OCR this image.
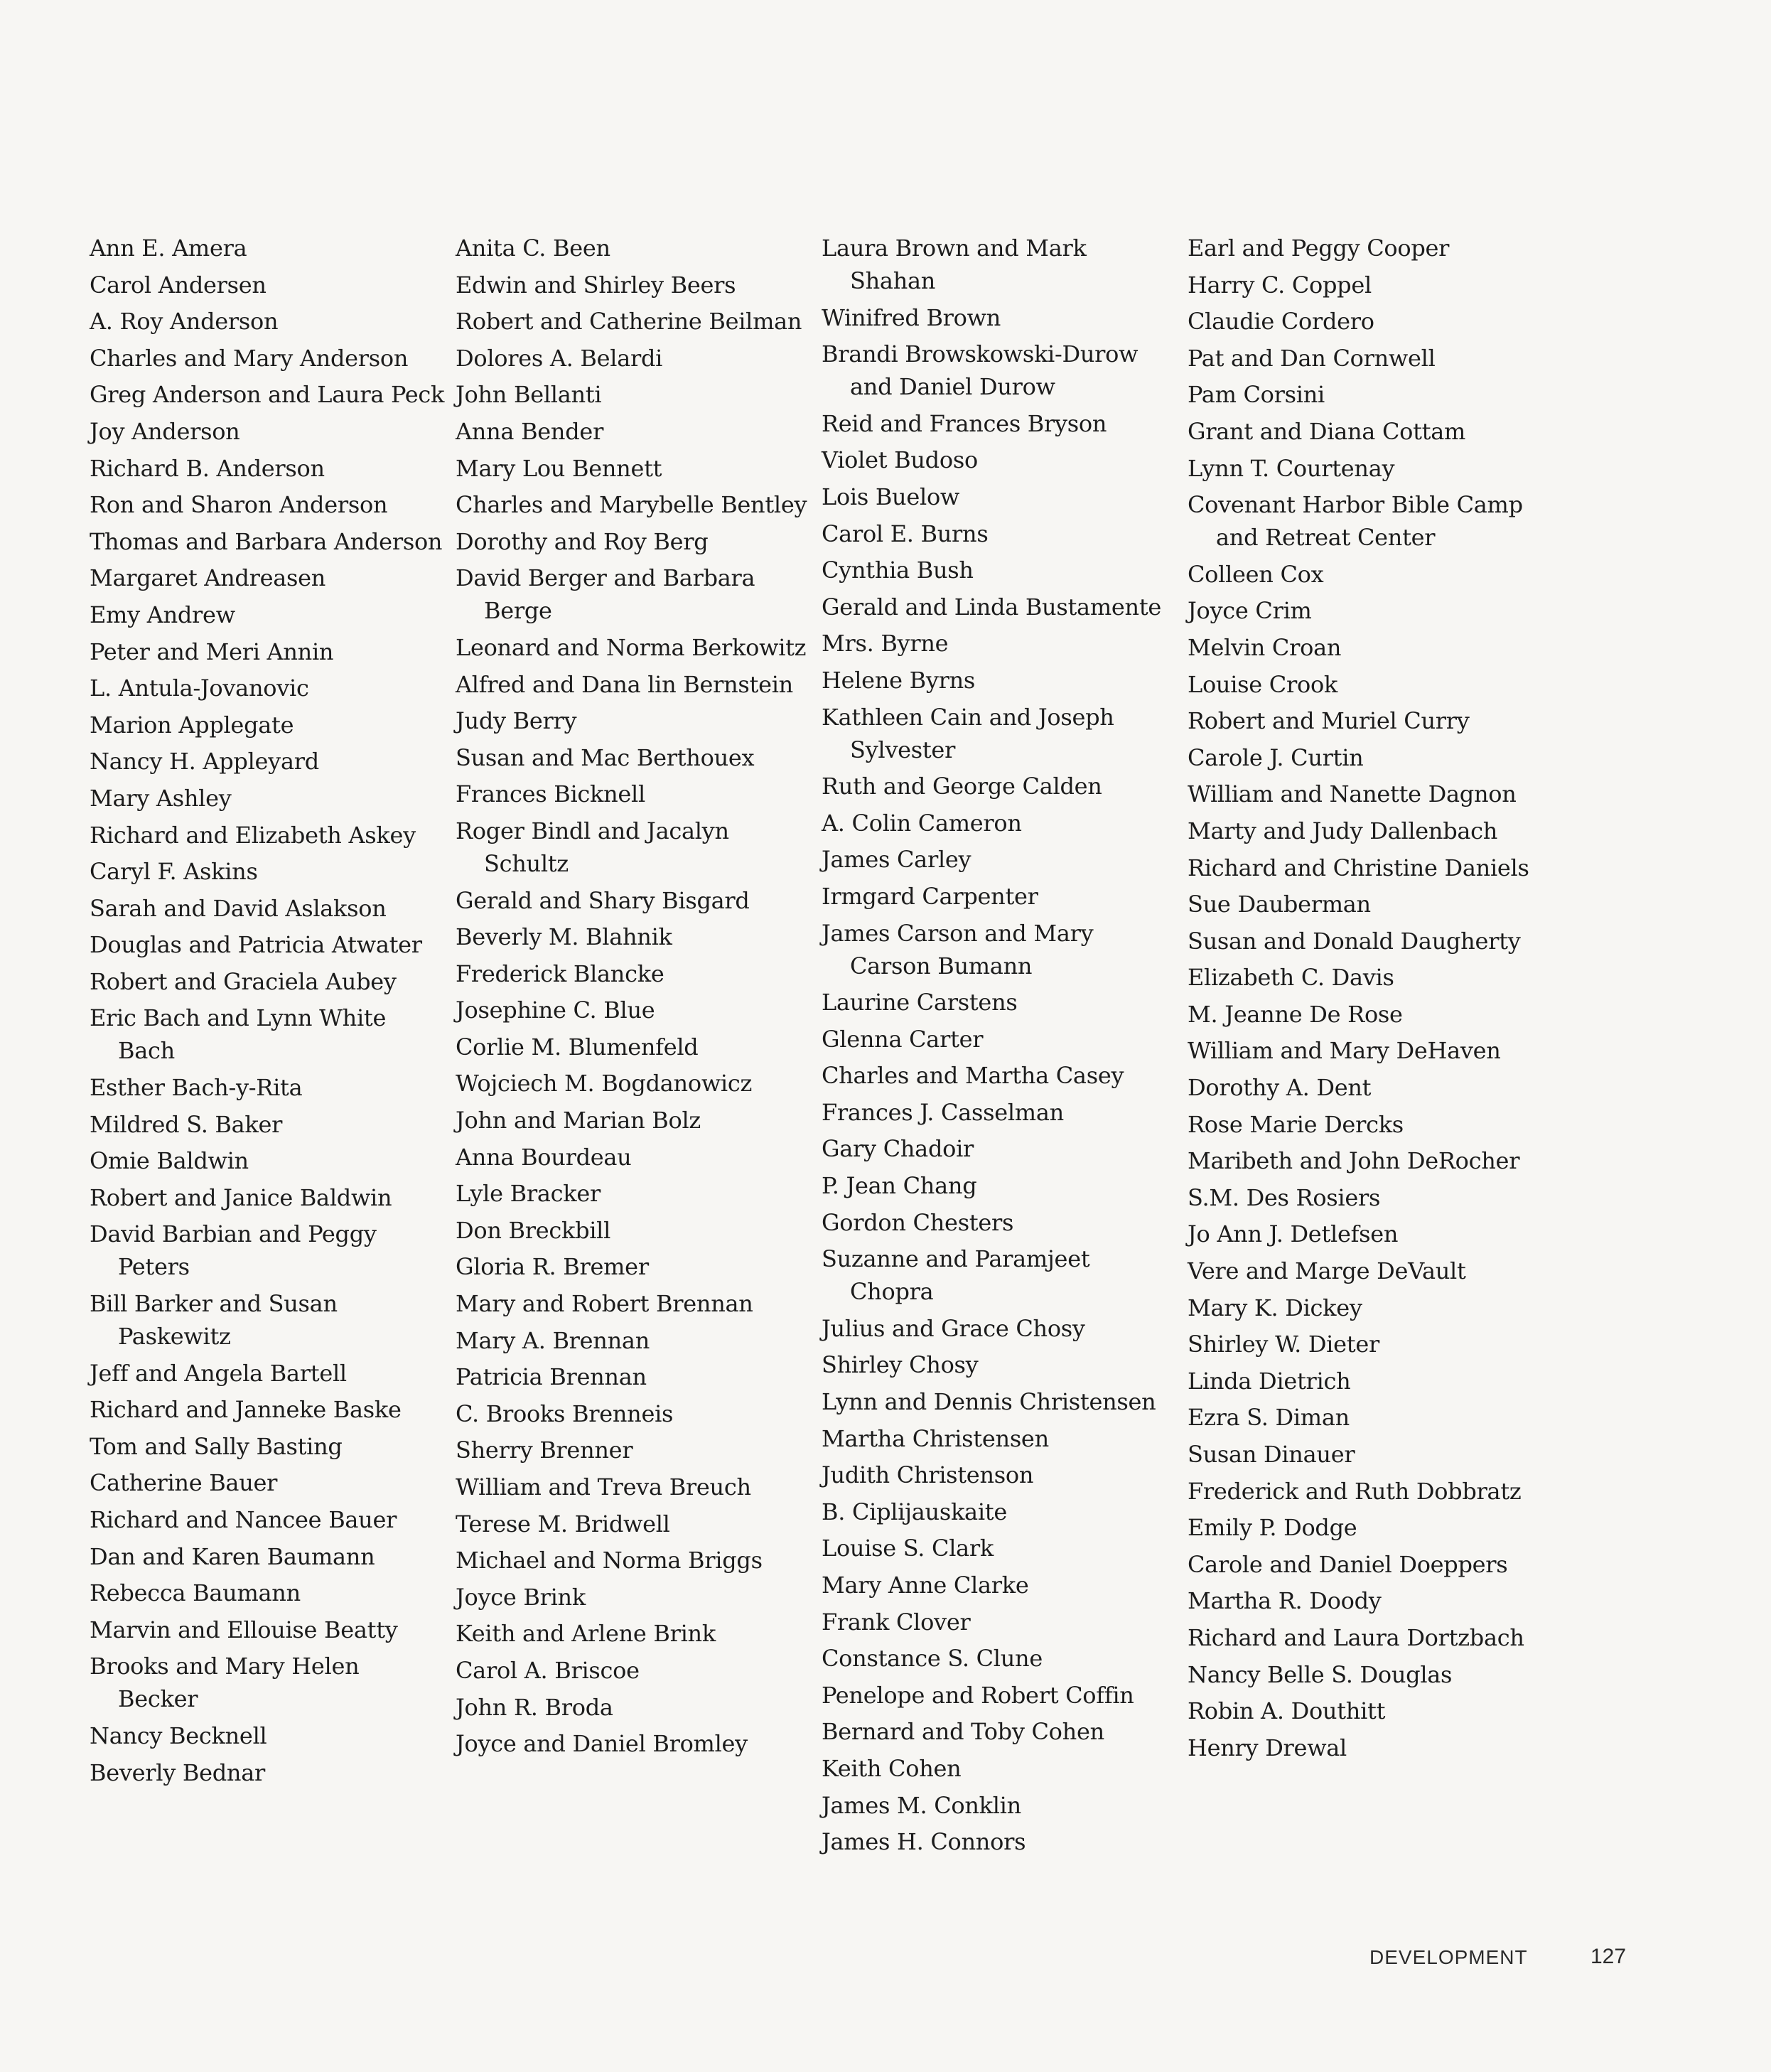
Ann E. Amera
Carol Andersen
A. Roy Anderson
Charles and Mary Anderson
Greg Anderson and Laura Peck
Joy Anderson
Richard B. Anderson
Ron and Sharon Anderson
Thomas and Barbara Anderson
Margaret Andreasen
Emy Andrew
Peter and Meri Annin
L. Antula-Jovanovic
Marion Applegate
Nancy H. Appleyard
Mary Ashley
Richard and Elizabeth Askey
Caryl F. Askins
Sarah and David Aslakson
Douglas and Patricia Atwater
Robert and Graciela Aubey
Eric Bach and Lynn White Bach
Esther Bach-y-Rita
Mildred S. Baker
Omie Baldwin
Robert and Janice Baldwin
David Barbian and Peggy Peters
Bill Barker and Susan Paskewitz
Jeff and Angela Bartell
Richard and Janneke Baske
Tom and Sally Basting
Catherine Bauer
Richard and Nancee Bauer
Dan and Karen Baumann
Rebecca Baumann
Marvin and Ellouise Beatty
Brooks and Mary Helen Becker
Nancy Becknell
Beverly Bednar
Anita C. Been
Edwin and Shirley Beers
Robert and Catherine Beilman
Dolores A. Belardi
John Bellanti
Anna Bender
Mary Lou Bennett
Charles and Marybelle Bentley
Dorothy and Roy Berg
David Berger and Barbara Berge
Leonard and Norma Berkowitz
Alfred and Dana lin Bernstein
Judy Berry
Susan and Mac Berthouex
Frances Bicknell
Roger Bindl and Jacalyn Schultz
Gerald and Shary Bisgard
Beverly M. Blahnik
Frederick Blancke
Josephine C. Blue
Corlie M. Blumenfeld
Wojciech M. Bogdanowicz
John and Marian Bolz
Anna Bourdeau
Lyle Bracker
Don Breckbill
Gloria R. Bremer
Mary and Robert Brennan
Mary A. Brennan
Patricia Brennan
C. Brooks Brenneis
Sherry Brenner
William and Treva Breuch
Terese M. Bridwell
Michael and Norma Briggs
Joyce Brink
Keith and Arlene Brink
Carol A. Briscoe
John R. Broda
Joyce and Daniel Bromley
Laura Brown and Mark Shahan
Winifred Brown
Brandi Browskowski-Durow and Daniel Durow
Reid and Frances Bryson
Violet Budoso
Lois Buelow
Carol E. Burns
Cynthia Bush
Gerald and Linda Bustamente
Mrs. Byrne
Helene Byrns
Kathleen Cain and Joseph Sylvester
Ruth and George Calden
A. Colin Cameron
James Carley
Irmgard Carpenter
James Carson and Mary Carson Bumann
Laurine Carstens
Glenna Carter
Charles and Martha Casey
Frances J. Casselman
Gary Chadoir
P. Jean Chang
Gordon Chesters
Suzanne and Paramjeet Chopra
Julius and Grace Chosy
Shirley Chosy
Lynn and Dennis Christensen
Martha Christensen
Judith Christenson
B. Ciplijauskaite
Louise S. Clark
Mary Anne Clarke
Frank Clover
Constance S. Clune
Penelope and Robert Coffin
Bernard and Toby Cohen
Keith Cohen
James M. Conklin
James H. Connors
Earl and Peggy Cooper
Harry C. Coppel
Claudie Cordero
Pat and Dan Cornwell
Pam Corsini
Grant and Diana Cottam
Lynn T. Courtenay
Covenant Harbor Bible Camp and Retreat Center
Colleen Cox
Joyce Crim
Melvin Croan
Louise Crook
Robert and Muriel Curry
Carole J. Curtin
William and Nanette Dagnon
Marty and Judy Dallenbach
Richard and Christine Daniels
Sue Dauberman
Susan and Donald Daugherty
Elizabeth C. Davis
M. Jeanne De Rose
William and Mary DeHaven
Dorothy A. Dent
Rose Marie Dercks
Maribeth and John DeRocher
S.M. Des Rosiers
Jo Ann J. Detlefsen
Vere and Marge DeVault
Mary K. Dickey
Shirley W. Dieter
Linda Dietrich
Ezra S. Diman
Susan Dinauer
Frederick and Ruth Dobbratz
Emily P. Dodge
Carole and Daniel Doeppers
Martha R. Doody
Richard and Laura Dortzbach
Nancy Belle S. Douglas
Robin A. Douthitt
Henry Drewal
DEVELOPMENT	127
